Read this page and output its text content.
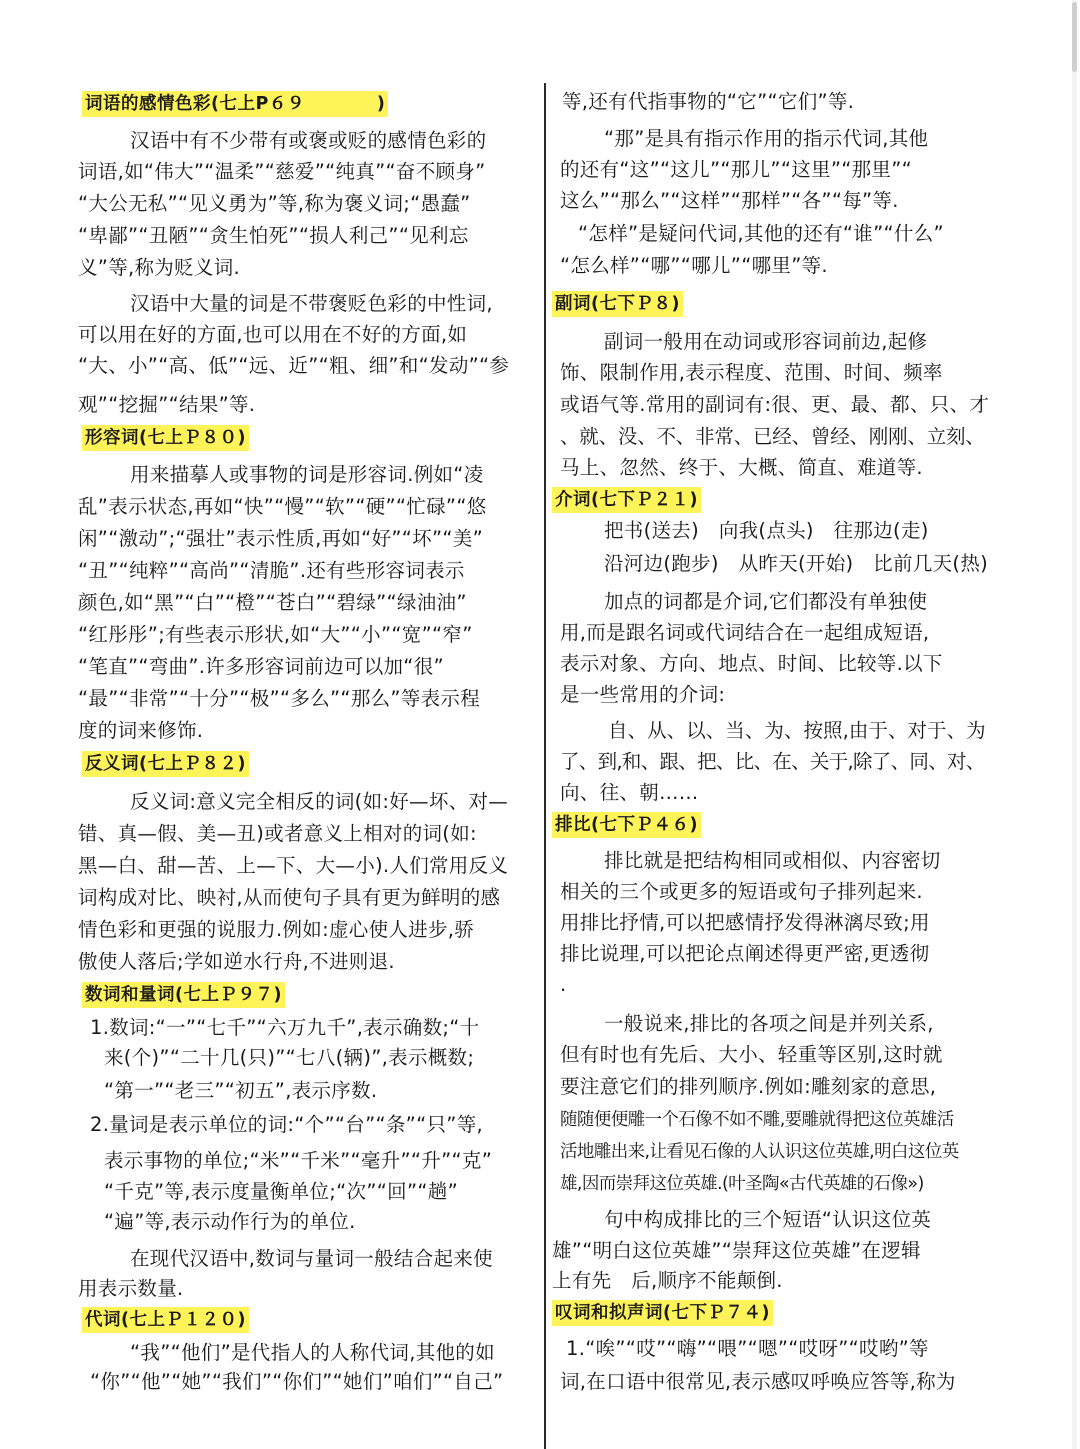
词语的感情色彩(七上P６９　　　　)
汉语中有不少带有或褒或贬的感情色彩的
词语,如“伟大”“温柔”“慈爱”“纯真”“奋不顾身”
“大公无私”“见义勇为”等,称为褒义词;“愚蠢”
“卑鄙”“丑陋”“贪生怕死”“损人利己”“见利忘
义”等,称为贬义词.
汉语中大量的词是不带褒贬色彩的中性词,
可以用在好的方面,也可以用在不好的方面,如
“大、小”“高、低”“远、近”“粗、细”和“发动”“参
观”“挖掘”“结果”等.
形容词(七上Ｐ８０)
用来描摹人或事物的词是形容词.例如“凌
乱”表示状态,再如“快”“慢”“软”“硬”“忙碌”“悠
闲”“激动”;“强壮”表示性质,再如“好”“坏”“美”
“丑”“纯粹”“高尚”“清脆”.还有些形容词表示
颜色,如“黑”“白”“橙”“苍白”“碧绿”“绿油油”
“红彤彤”;有些表示形状,如“大”“小”“宽”“窄”
“笔直”“弯曲”.许多形容词前边可以加“很”
“最”“非常”“十分”“极”“多么”“那么”等表示程
度的词来修饰.
反义词(七上Ｐ８２)
反义词:意义完全相反的词(如:好—坏、对—
错、真—假、美—丑)或者意义上相对的词(如:
黑—白、甜—苦、上—下、大—小).人们常用反义
词构成对比、映衬,从而使句子具有更为鲜明的感
情色彩和更强的说服力.例如:虚心使人进步,骄
傲使人落后;学如逆水行舟,不进则退.
数词和量词(七上Ｐ９７)
1.数词:“一”“七千”“六万九千”,表示确数;“十
来(个)”“二十几(只)”“七八(辆)”,表示概数;
“第一”“老三”“初五”,表示序数.
2.量词是表示单位的词:“个”“台”“条”“只”等,
表示事物的单位;“米”“千米”“毫升”“升”“克”
“千克”等,表示度量衡单位;“次”“回”“趟”
“遍”等,表示动作行为的单位.
在现代汉语中,数词与量词一般结合起来使
用表示数量.
代词(七上Ｐ１２０)
“我”“他们”是代指人的人称代词,其他的如
“你”“他”“她”“我们”“你们”“她们”咱们”“自己”
等,还有代指事物的“它”“它们”等.
“那”是具有指示作用的指示代词,其他
的还有“这”“这儿”“那儿”“这里”“那里”“
这么”“那么”“这样”“那样”“各”“每”等.
“怎样”是疑问代词,其他的还有“谁”“什么”
“怎么样”“哪”“哪儿”“哪里”等.
副词(七下Ｐ８)
副词一般用在动词或形容词前边,起修
饰、限制作用,表示程度、范围、时间、频率
或语气等.常用的副词有:很、更、最、都、只、才
、就、没、不、非常、已经、曾经、刚刚、立刻、
马上、忽然、终于、大概、简直、难道等.
介词(七下Ｐ２１)
把书(送去)　向我(点头)　往那边(走)
沿河边(跑步)　从昨天(开始)　比前几天(热)
加点的词都是介词,它们都没有单独使
用,而是跟名词或代词结合在一起组成短语,
表示对象、方向、地点、时间、比较等.以下
是一些常用的介词:
自、从、以、当、为、按照,由于、对于、为
了、到,和、跟、把、比、在、关于,除了、同、对、
向、往、朝……
排比(七下Ｐ４６)
排比就是把结构相同或相似、内容密切
相关的三个或更多的短语或句子排列起来.
用排比抒情,可以把感情抒发得淋漓尽致;用
排比说理,可以把论点阐述得更严密,更透彻
.
一般说来,排比的各项之间是并列关系,
但有时也有先后、大小、轻重等区别,这时就
要注意它们的排列顺序.例如:雕刻家的意思,
随随便便雕一个石像不如不雕,要雕就得把这位英雄活
活地雕出来,让看见石像的人认识这位英雄,明白这位英
雄,因而崇拜这位英雄.(叶圣陶«古代英雄的石像»)
句中构成排比的三个短语“认识这位英
雄”“明白这位英雄”“崇拜这位英雄”在逻辑
上有先　后,顺序不能颠倒.
叹词和拟声词(七下Ｐ７４)
1.“唉”“哎”“嗨”“喂”“嗯”“哎呀”“哎哟”等
词,在口语中很常见,表示感叹呼唤应答等,称为
